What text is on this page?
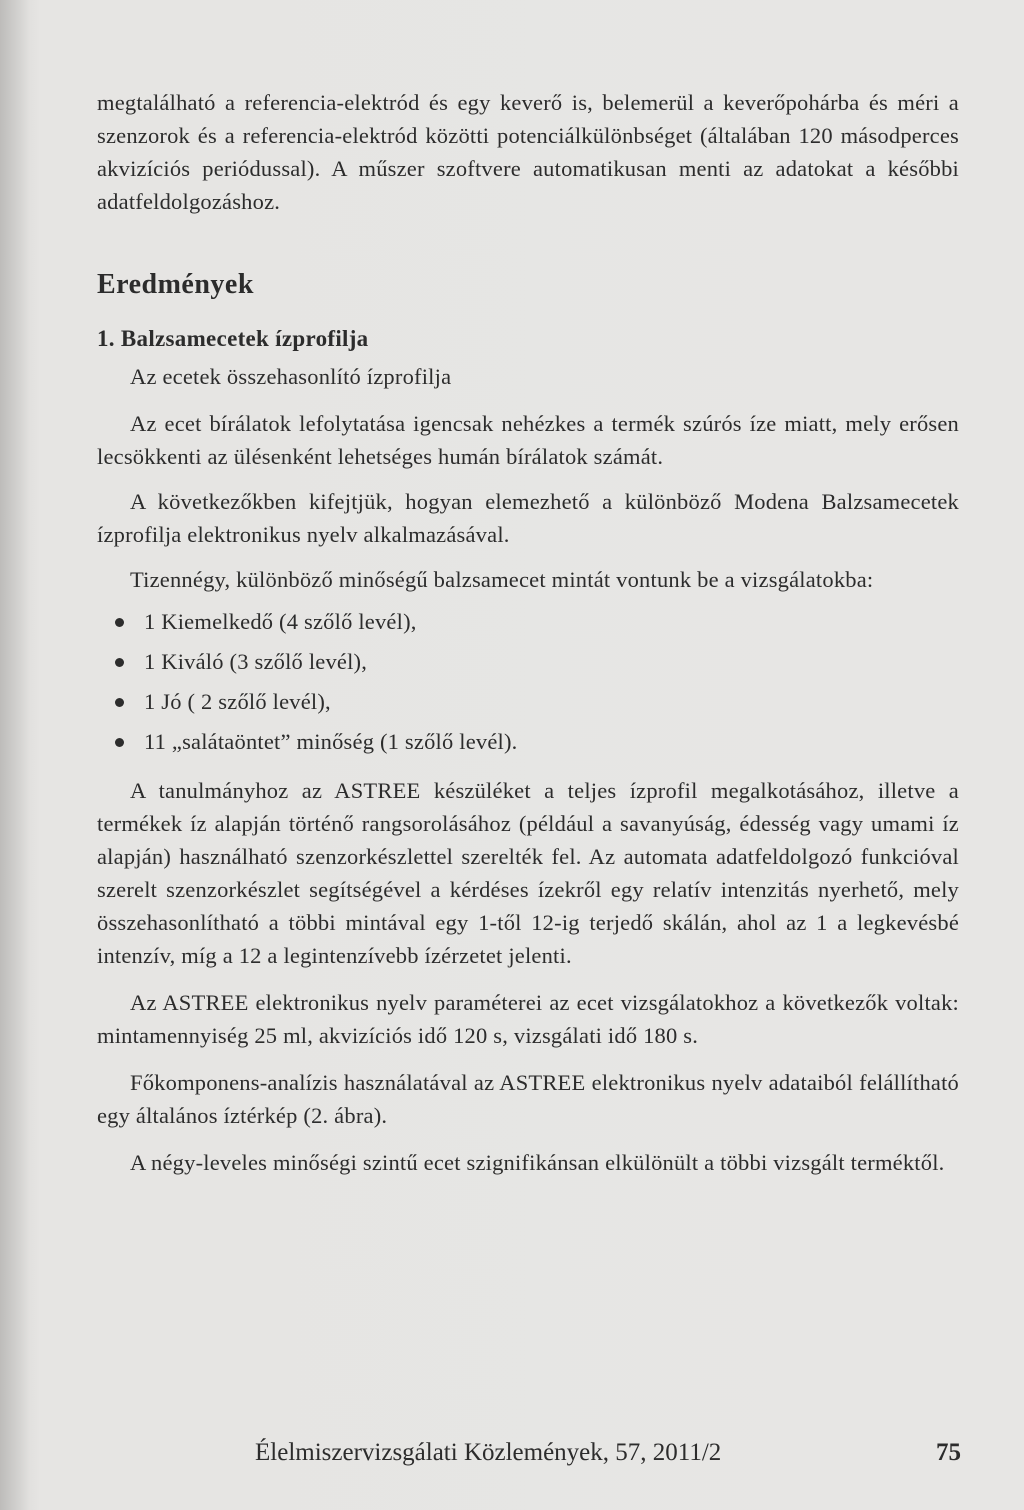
megtalálható a referencia-elektród és egy keverő is, belemerül a keverőpohárba és méri a szenzorok és a referencia-elektród közötti potenciálkülönbséget (általában 120 másodperces akvizíciós periódussal). A műszer szoftvere automatikusan menti az adatokat a későbbi adatfeldolgozáshoz.

Eredmények
1. Balzsamecetek ízprofilja

Az ecetek összehasonlító ízprofilja

Az ecet bírálatok lefolytatása igencsak nehézkes a termék szúrós íze miatt, mely erősen lecsökkenti az ülésenként lehetséges humán bírálatok számát.

A következőkben kifejtjük, hogyan elemezhető a különböző Modena Balzsamecetek ízprofilja elektronikus nyelv alkalmazásával.

Tizennégy, különböző minőségű balzsamecet mintát vontunk be a vizsgálatokba:

1 Kiemelkedő (4 szőlő levél),
1 Kiváló (3 szőlő levél),
1 Jó ( 2 szőlő levél),
11 „salátaöntet” minőség (1 szőlő levél).

A tanulmányhoz az ASTREE készüléket a teljes ízprofil megalkotásához, illetve a termékek íz alapján történő rangsorolásához (például a savanyúság, édesség vagy umami íz alapján) használható szenzorkészlettel szerelték fel. Az automata adatfeldolgozó funkcióval szerelt szenzorkészlet segítségével a kérdéses ízekről egy relatív intenzitás nyerhető, mely összehasonlítható a többi mintával egy 1-től 12-ig terjedő skálán, ahol az 1 a legkevésbé intenzív, míg a 12 a legintenzívebb ízérzetet jelenti.

Az ASTREE elektronikus nyelv paraméterei az ecet vizsgálatokhoz a következők voltak: mintamennyiség 25 ml, akvizíciós idő 120 s, vizsgálati idő 180 s.

Főkomponens-analízis használatával az ASTREE elektronikus nyelv adataiból felállítható egy általános íztérkép (2. ábra).

A négy-leveles minőségi szintű ecet szignifikánsan elkülönült a többi vizsgált terméktől.

Élelmiszervizsgálati Közlemények, 57, 2011/2	75
